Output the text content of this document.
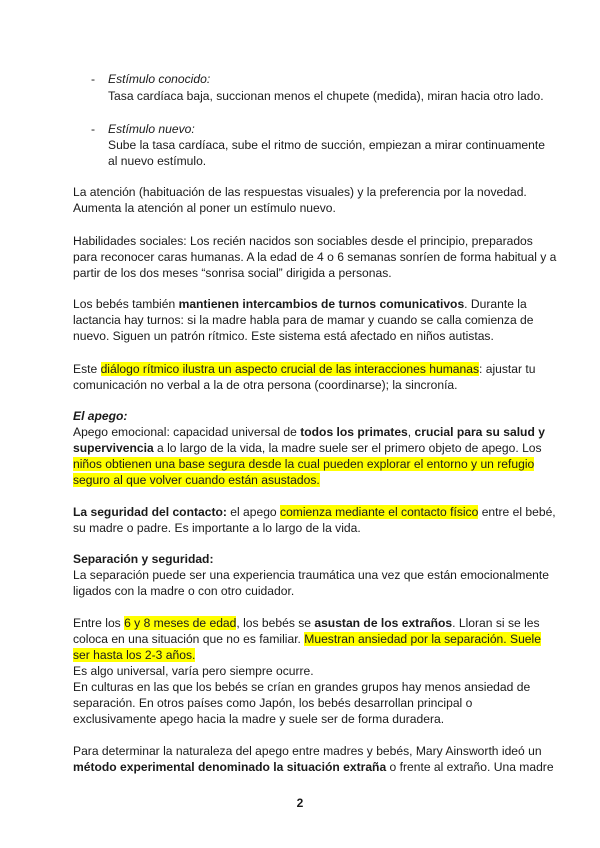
- Estímulo conocido:
Tasa cardíaca baja, succionan menos el chupete (medida), miran hacia otro lado.
- Estímulo nuevo:
Sube la tasa cardíaca, sube el ritmo de succión, empiezan a mirar continuamente
al nuevo estímulo.
La atención (habituación de las respuestas visuales) y la preferencia por la novedad.
Aumenta la atención al poner un estímulo nuevo.
Habilidades sociales: Los recién nacidos son sociables desde el principio, preparados
para reconocer caras humanas. A la edad de 4 o 6 semanas sonríen de forma habitual y a
partir de los dos meses “sonrisa social” dirigida a personas.
Los bebés también mantienen intercambios de turnos comunicativos. Durante la
lactancia hay turnos: si la madre habla para de mamar y cuando se calla comienza de
nuevo. Siguen un patrón rítmico. Este sistema está afectado en niños autistas.
Este diálogo rítmico ilustra un aspecto crucial de las interacciones humanas: ajustar tu
comunicación no verbal a la de otra persona (coordinarse); la sincronía.
El apego:
Apego emocional: capacidad universal de todos los primates, crucial para su salud y
supervivencia a lo largo de la vida, la madre suele ser el primero objeto de apego. Los
niños obtienen una base segura desde la cual pueden explorar el entorno y un refugio
seguro al que volver cuando están asustados.
La seguridad del contacto: el apego comienza mediante el contacto físico entre el bebé,
su madre o padre. Es importante a lo largo de la vida.
Separación y seguridad:
La separación puede ser una experiencia traumática una vez que están emocionalmente
ligados con la madre o con otro cuidador.
Entre los 6 y 8 meses de edad, los bebés se asustan de los extraños. Lloran si se les
coloca en una situación que no es familiar. Muestran ansiedad por la separación. Suele
ser hasta los 2-3 años.
Es algo universal, varía pero siempre ocurre.
En culturas en las que los bebés se crían en grandes grupos hay menos ansiedad de
separación. En otros países como Japón, los bebés desarrollan principal o
exclusivamente apego hacia la madre y suele ser de forma duradera.
Para determinar la naturaleza del apego entre madres y bebés, Mary Ainsworth ideó un
método experimental denominado la situación extraña o frente al extraño. Una madre
2
